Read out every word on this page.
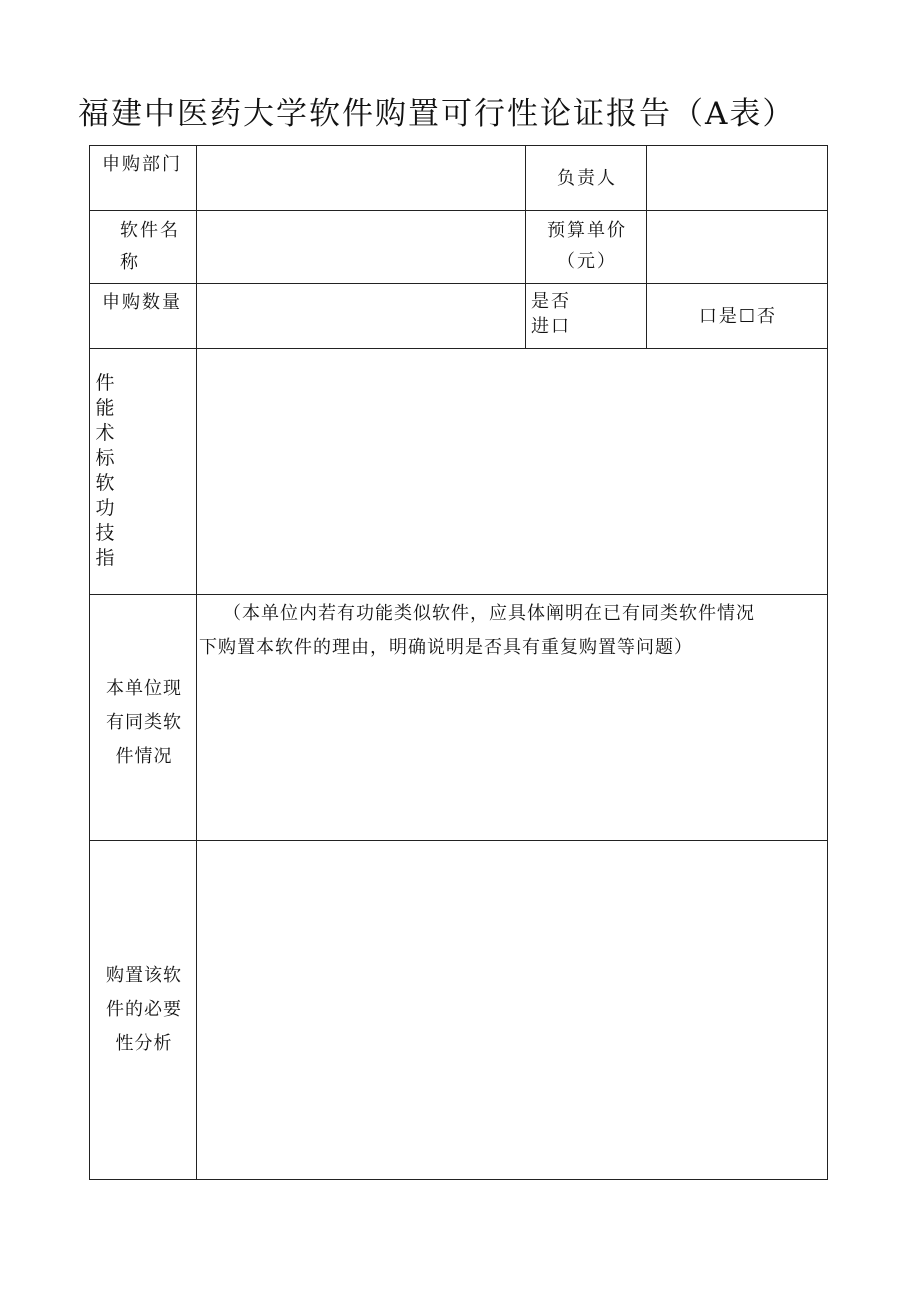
福建中医药大学软件购置可行性论证报告（A表）
申购部门
负责人
软件名
称
预算单价
（元）
申购数量	是否
进口	口是☐否
件
能
术
标
软
功
技
指
本单位现
有同类软
件情况
（本单位内若有功能类似软件，应具体阐明在已有同类软件情况
下购置本软件的理由，明确说明是否具有重复购置等问题）
购置该软
件的必要
性分析
